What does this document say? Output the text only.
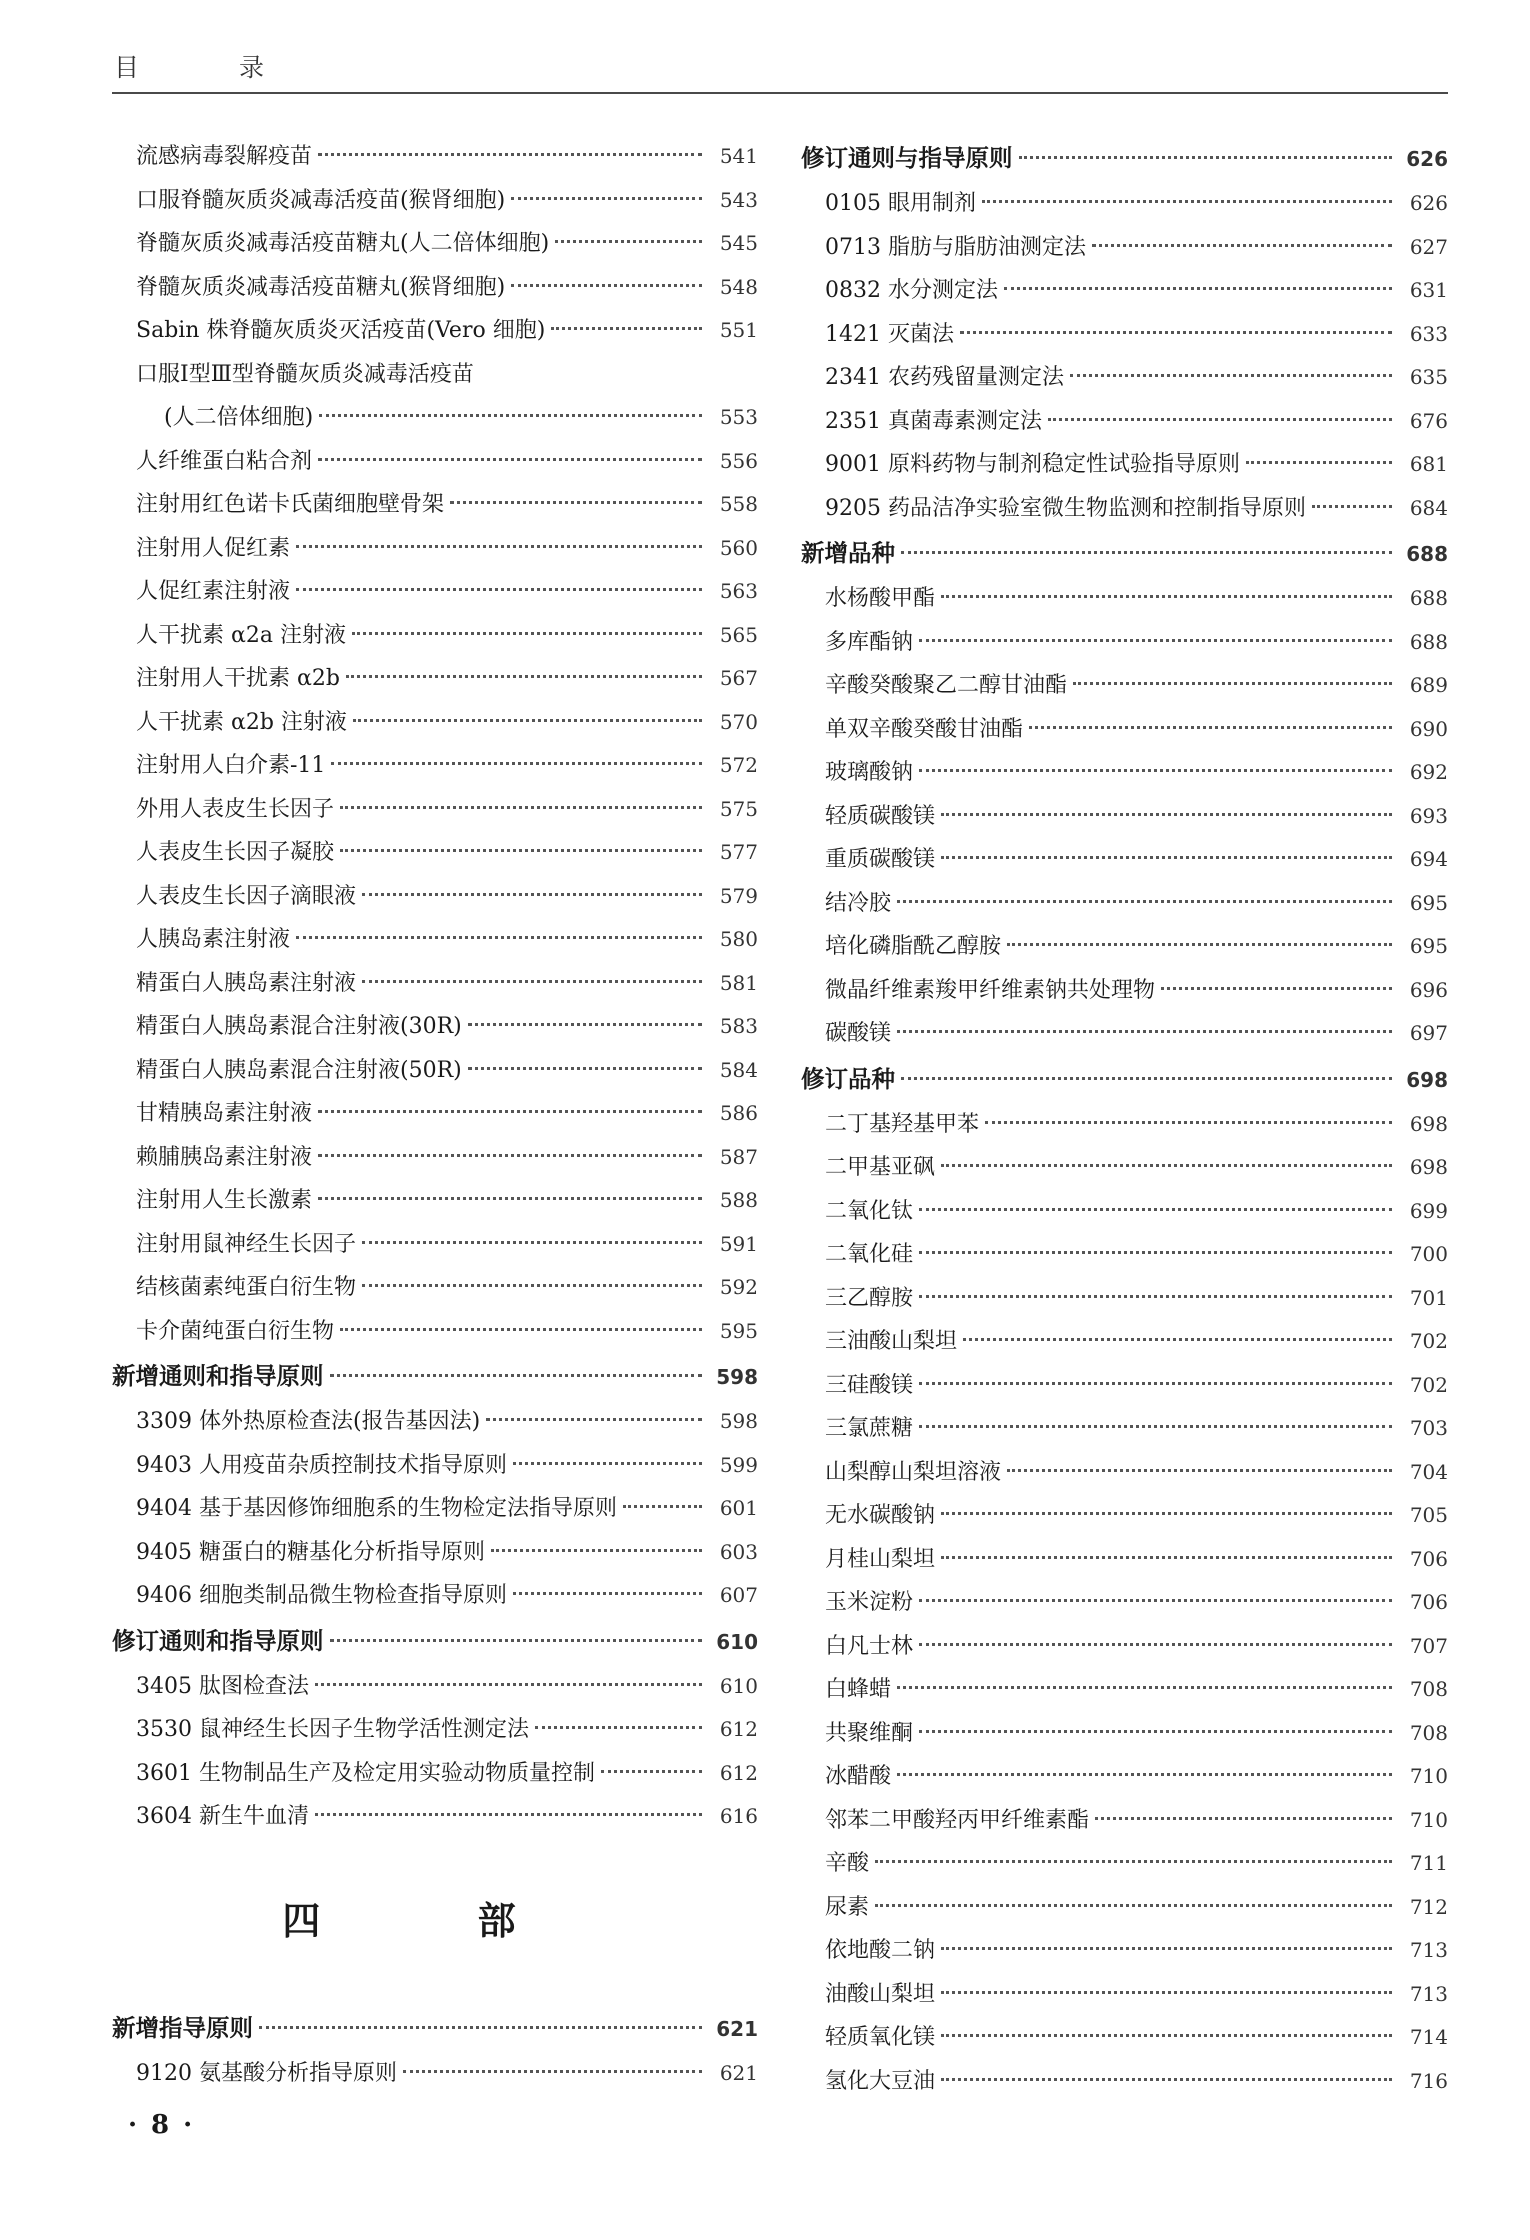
目 录
流感病毒裂解疫苗	541
口服脊髓灰质炎减毒活疫苗(猴肾细胞)	543
脊髓灰质炎减毒活疫苗糖丸(人二倍体细胞)	545
脊髓灰质炎减毒活疫苗糖丸(猴肾细胞)	548
Sabin 株脊髓灰质炎灭活疫苗(Vero 细胞)	551
口服Ⅰ型Ⅲ型脊髓灰质炎减毒活疫苗
(人二倍体细胞)	553
人纤维蛋白粘合剂	556
注射用红色诺卡氏菌细胞壁骨架	558
注射用人促红素	560
人促红素注射液	563
人干扰素 α2a 注射液	565
注射用人干扰素 α2b	567
人干扰素 α2b 注射液	570
注射用人白介素-11	572
外用人表皮生长因子	575
人表皮生长因子凝胶	577
人表皮生长因子滴眼液	579
人胰岛素注射液	580
精蛋白人胰岛素注射液	581
精蛋白人胰岛素混合注射液(30R)	583
精蛋白人胰岛素混合注射液(50R)	584
甘精胰岛素注射液	586
赖脯胰岛素注射液	587
注射用人生长激素	588
注射用鼠神经生长因子	591
结核菌素纯蛋白衍生物	592
卡介菌纯蛋白衍生物	595
新增通则和指导原则	598
3309 体外热原检查法(报告基因法)	598
9403 人用疫苗杂质控制技术指导原则	599
9404 基于基因修饰细胞系的生物检定法指导原则	601
9405 糖蛋白的糖基化分析指导原则	603
9406 细胞类制品微生物检查指导原则	607
修订通则和指导原则	610
3405 肽图检查法	610
3530 鼠神经生长因子生物学活性测定法	612
3601 生物制品生产及检定用实验动物质量控制	612
3604 新生牛血清	616
四 部
新增指导原则	621
9120 氨基酸分析指导原则	621
修订通则与指导原则	626
0105 眼用制剂	626
0713 脂肪与脂肪油测定法	627
0832 水分测定法	631
1421 灭菌法	633
2341 农药残留量测定法	635
2351 真菌毒素测定法	676
9001 原料药物与制剂稳定性试验指导原则	681
9205 药品洁净实验室微生物监测和控制指导原则	684
新增品种	688
水杨酸甲酯	688
多库酯钠	688
辛酸癸酸聚乙二醇甘油酯	689
单双辛酸癸酸甘油酯	690
玻璃酸钠	692
轻质碳酸镁	693
重质碳酸镁	694
结冷胶	695
培化磷脂酰乙醇胺	695
微晶纤维素羧甲纤维素钠共处理物	696
碳酸镁	697
修订品种	698
二丁基羟基甲苯	698
二甲基亚砜	698
二氧化钛	699
二氧化硅	700
三乙醇胺	701
三油酸山梨坦	702
三硅酸镁	702
三氯蔗糖	703
山梨醇山梨坦溶液	704
无水碳酸钠	705
月桂山梨坦	706
玉米淀粉	706
白凡士林	707
白蜂蜡	708
共聚维酮	708
冰醋酸	710
邻苯二甲酸羟丙甲纤维素酯	710
辛酸	711
尿素	712
依地酸二钠	713
油酸山梨坦	713
轻质氧化镁	714
氢化大豆油	716
·8·
